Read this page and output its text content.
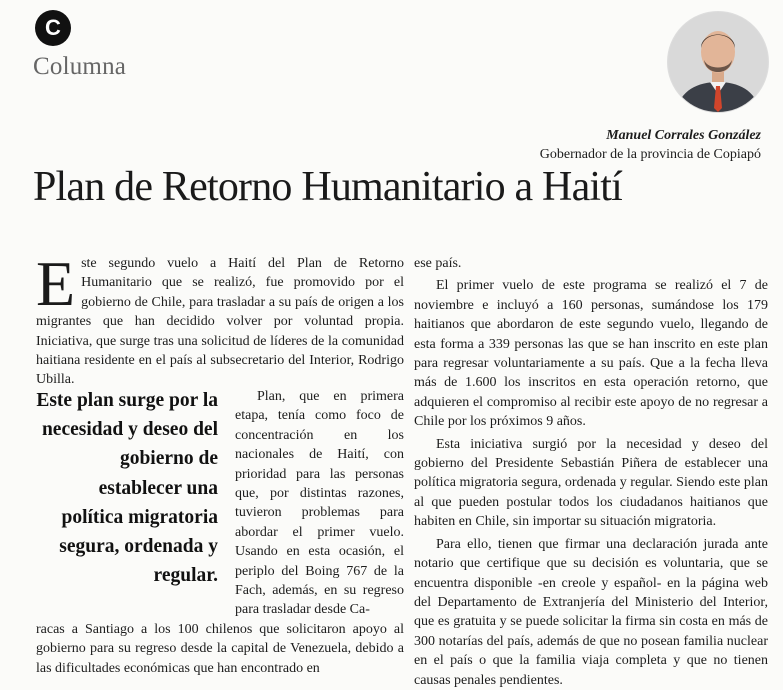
C
Columna
Manuel Corrales González
Gobernador de la provincia de Copiapó
Plan de Retorno Humanitario a Haití
E ste segundo vuelo a Haití del Plan de Retorno Humanitario que se realizó, fue promovido por el gobierno de Chile, para trasladar a su país de origen a los migrantes que han decidido volver por voluntad propia. Iniciativa, que surge tras una solicitud de líderes de la comunidad haitiana residente en el país al subsecretario del Interior, Rodrigo Ubilla.

Este plan surge por la necesidad y deseo del gobierno de establecer una política migratoria segura, ordenada y regular.

Plan, que en primera etapa, tenía como foco de concentración en los nacionales de Haití, con prioridad para las personas que, por distintas razones, tuvieron problemas para abordar el primer vuelo. Usando en esta ocasión, el periplo del Boing 767 de la Fach, además, en su regreso para trasladar desde Ca-

racas a Santiago a los 100 chilenos que solicitaron apoyo al gobierno para su regreso desde la capital de Venezuela, debido a las dificultades económicas que han encontrado en

ese país.

El primer vuelo de este programa se realizó el 7 de noviembre e incluyó a 160 personas, sumándose los 179 haitianos que abordaron de este segundo vuelo, llegando de esta forma a 339 personas las que se han inscrito en este plan para regresar voluntariamente a su país. Que a la fecha lleva más de 1.600 los inscritos en esta operación retorno, que adquieren el compromiso al recibir este apoyo de no regresar a Chile por los próximos 9 años.

Esta iniciativa surgió por la necesidad y deseo del gobierno del Presidente Sebastián Piñera de establecer una política migratoria segura, ordenada y regular. Siendo este plan al que pueden postular todos los ciudadanos haitianos que habiten en Chile, sin importar su situación migratoria.

Para ello, tienen que firmar una declaración jurada ante notario que certifique que su decisión es voluntaria, que se encuentra disponible -en creole y español- en la página web del Departamento de Extranjería del Ministerio del Interior, que es gratuita y se puede solicitar la firma sin costa en más de 300 notarías del país, además de que no posean familia nuclear en el país o que la familia viaja completa y que no tienen causas penales pendientes.
